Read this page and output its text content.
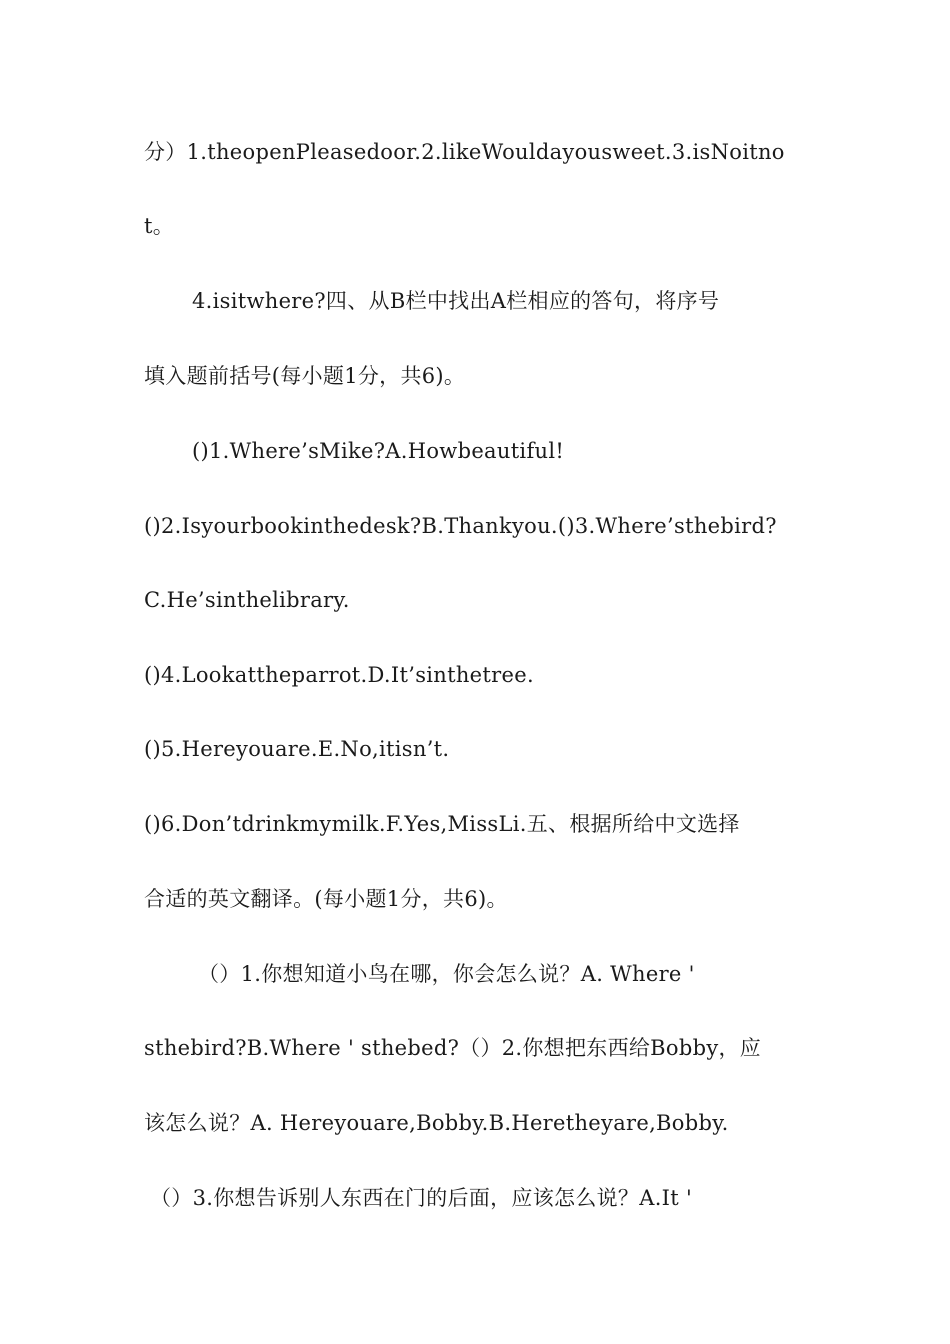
分）1.theopenPleasedoor.2.likeWouldayousweet.3.isNoitno
t。
4.isitwhere?四、从B栏中找出A栏相应的答句，将序号
填入题前括号(每小题1分，共6)。
()1.Where’sMike?A.Howbeautiful!
()2.Isyourbookinthedesk?B.Thankyou.()3.Where’sthebird?
C.He’sinthelibrary.
()4.Lookattheparrot.D.It’sinthetree.
()5.Hereyouare.E.No,itisn’t.
()6.Don’tdrinkmymilk.F.Yes,MissLi.五、根据所给中文选择
合适的英文翻译。(每小题1分，共6)。
（）1.你想知道小鸟在哪，你会怎么说？A. Where '
sthebird?B.Where ' sthebed?（）2.你想把东西给Bobby，应
该怎么说？A. Hereyouare,Bobby.B.Heretheyare,Bobby.
（）3.你想告诉别人东西在门的后面，应该怎么说？A.It '
